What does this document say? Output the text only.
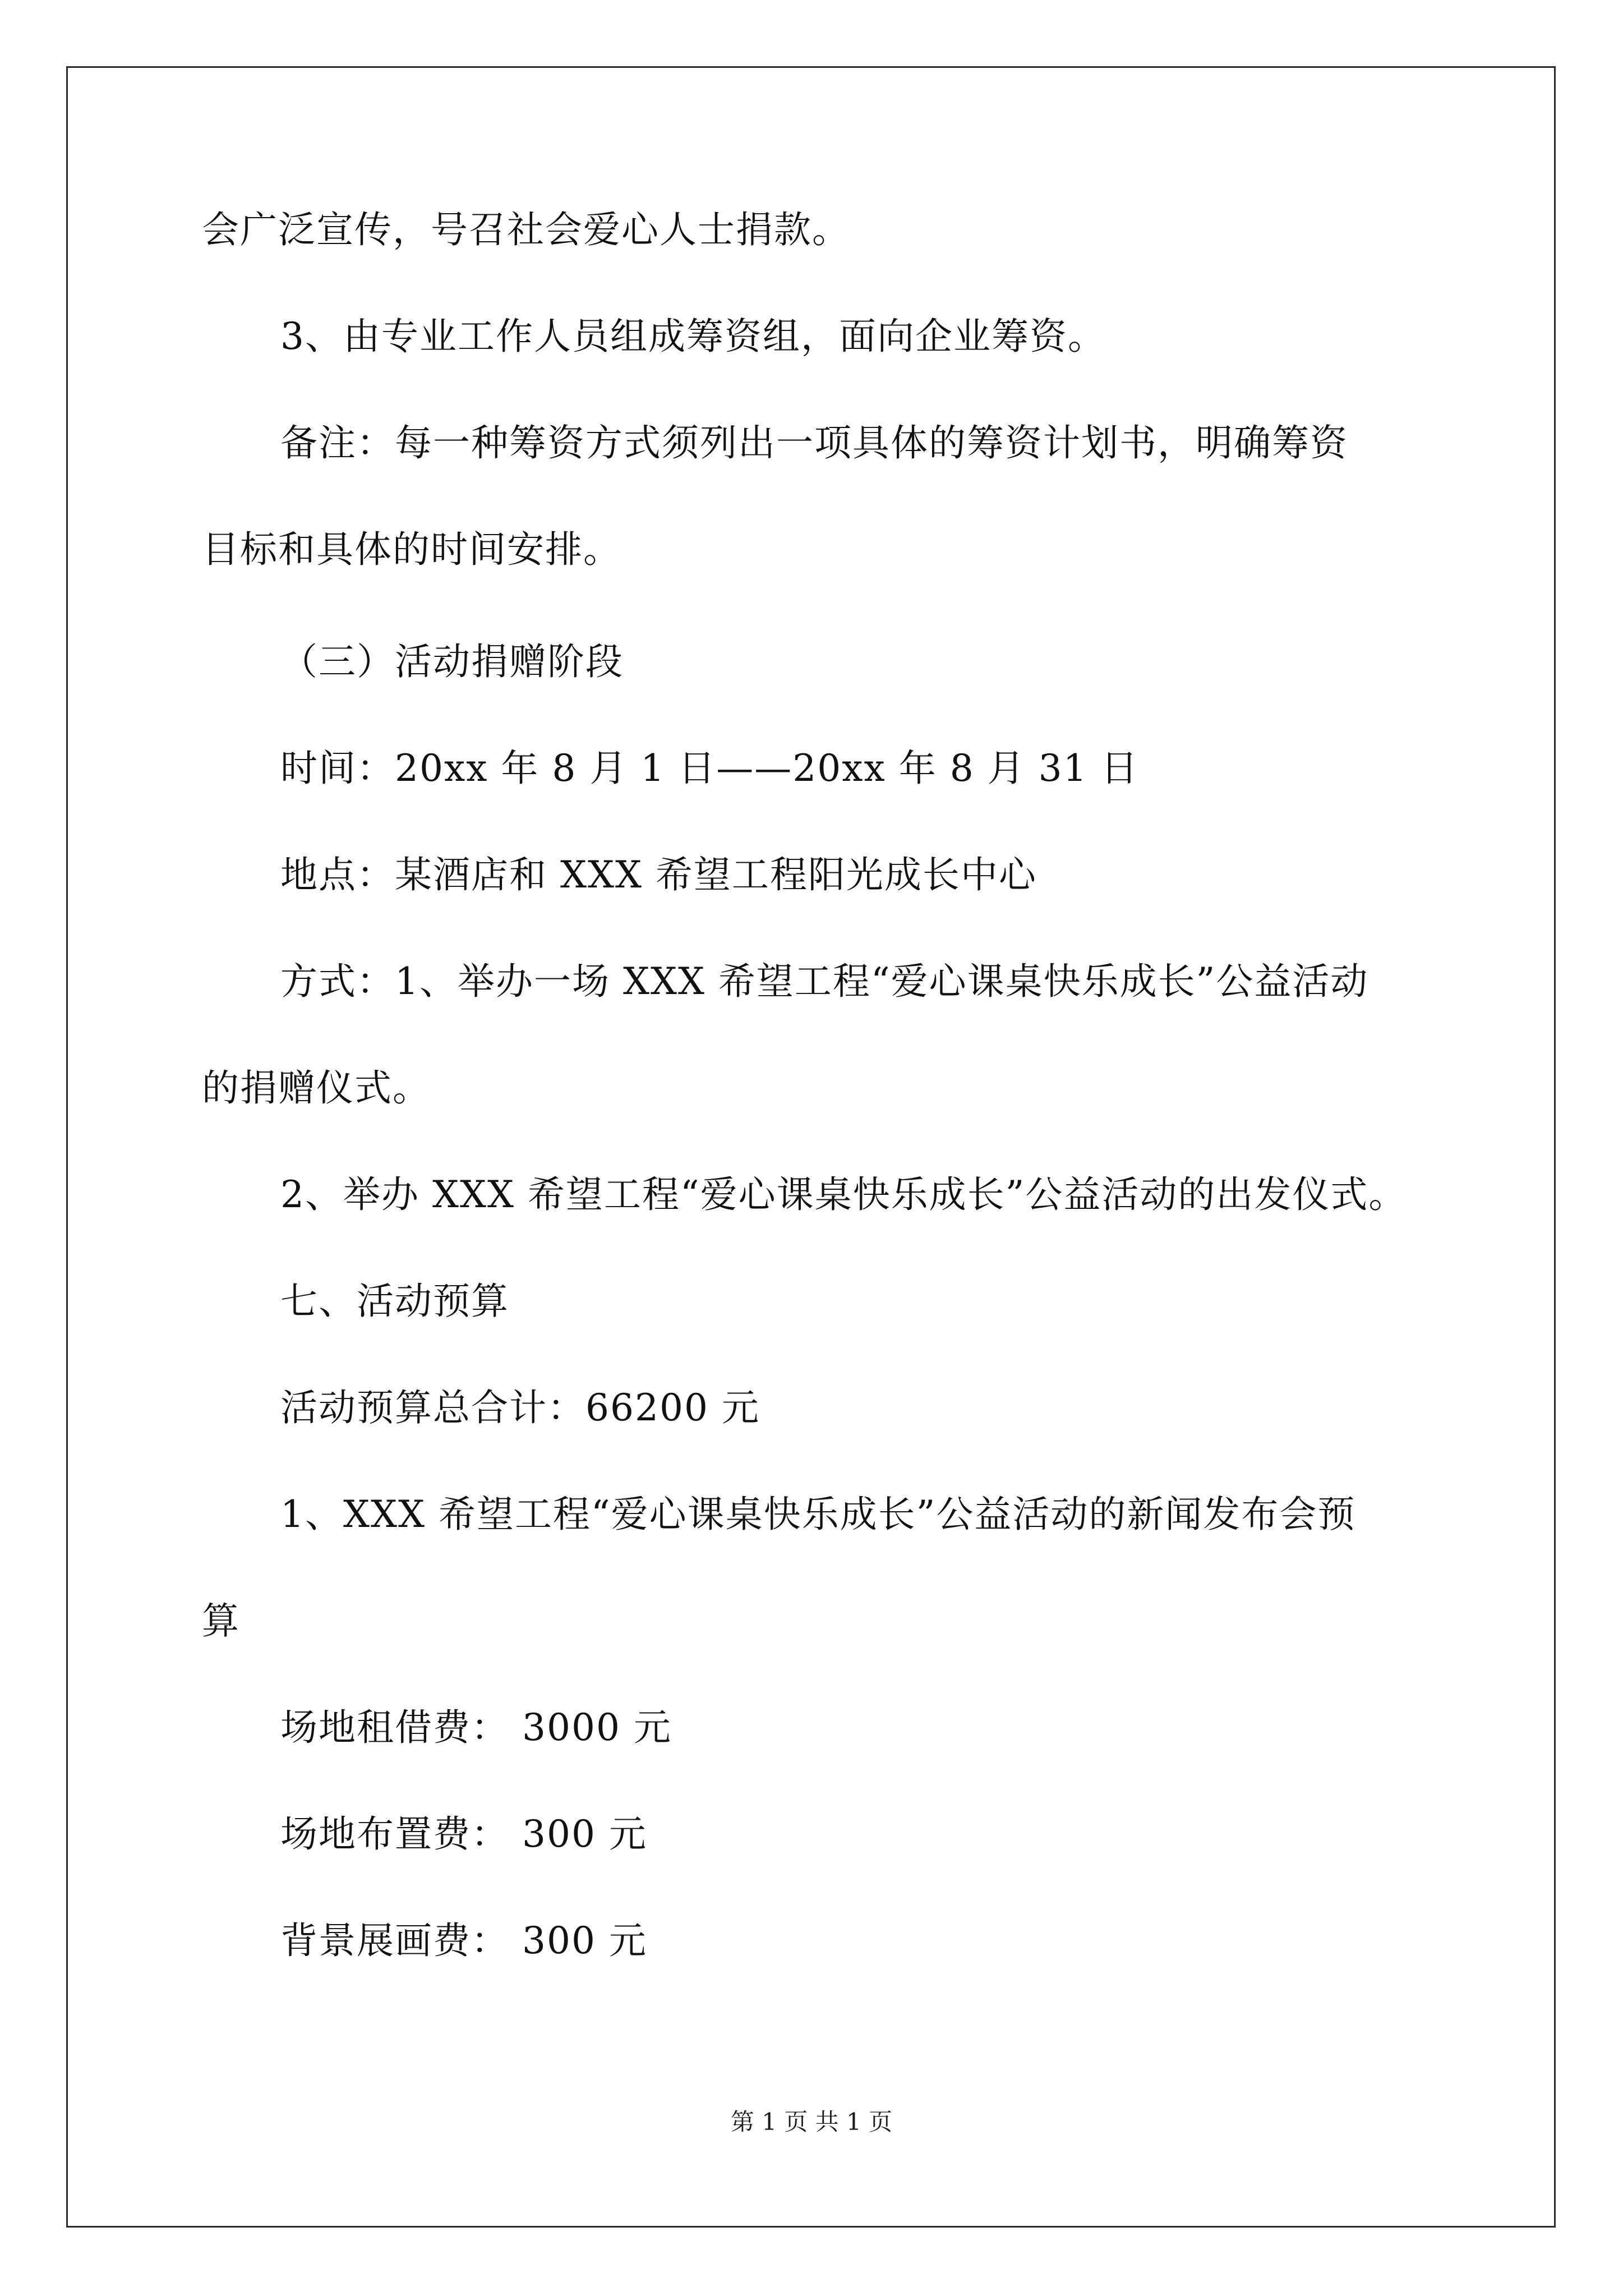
会广泛宣传，号召社会爱心人士捐款。
3、由专业工作人员组成筹资组，面向企业筹资。
备注：每一种筹资方式须列出一项具体的筹资计划书，明确筹资
目标和具体的时间安排。
（三）活动捐赠阶段
时间：20xx 年 8 月 1 日——20xx 年 8 月 31 日
地点：某酒店和 XXX 希望工程阳光成长中心
方式：1、举办一场 XXX 希望工程“爱心课桌快乐成长”公益活动
的捐赠仪式。
2、举办 XXX 希望工程“爱心课桌快乐成长”公益活动的出发仪式。
七、活动预算
活动预算总合计：66200 元
1、XXX 希望工程“爱心课桌快乐成长”公益活动的新闻发布会预
算
场地租借费： 3000 元
场地布置费： 300 元
背景展画费： 300 元
第 1 页 共 1 页
